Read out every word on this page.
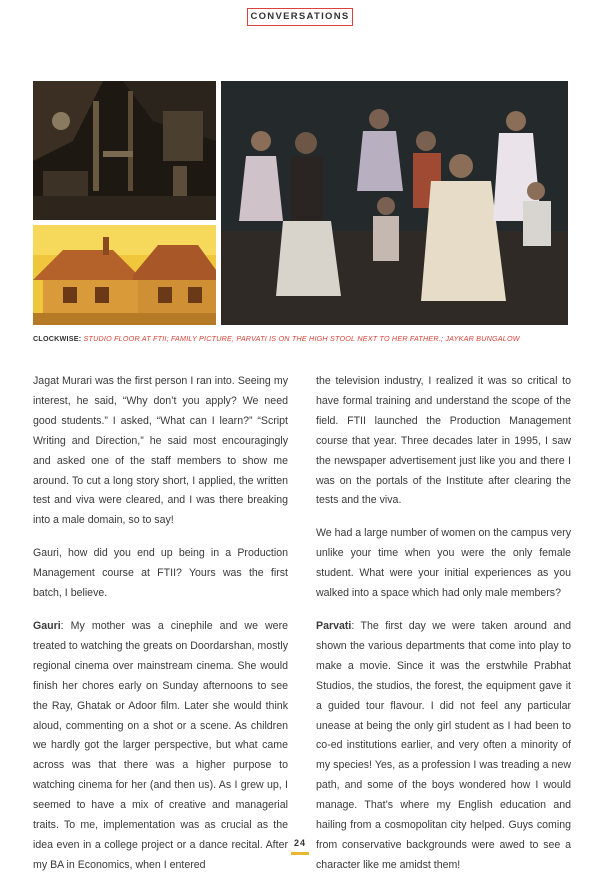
CONVERSATIONS
CLOCKWISE: STUDIO FLOOR AT FTII; FAMILY PICTURE, PARVATI IS ON THE HIGH STOOL NEXT TO HER FATHER.; JAYKAR BUNGALOW

Jagat Murari was the first person I ran into. Seeing my interest, he said, “Why don’t you apply? We need good students.” I asked, “What can I learn?” “Script Writing and Direction,” he said most encouragingly and asked one of the staff members to show me around. To cut a long story short, I applied, the written test and viva were cleared, and I was there breaking into a male domain, so to say!

Gauri, how did you end up being in a Production Management course at FTII? Yours was the first batch, I believe.

Gauri: My mother was a cinephile and we were treated to watching the greats on Doordarshan, mostly regional cinema over mainstream cinema. She would finish her chores early on Sunday afternoons to see the Ray, Ghatak or Adoor film. Later she would think aloud, commenting on a shot or a scene. As children we hardly got the larger perspective, but what came across was that there was a higher purpose to watching cinema for her (and then us). As I grew up, I seemed to have a mix of creative and managerial traits. To me, implementation was as crucial as the idea even in a college project or a dance recital. After my BA in Economics, when I entered

the television industry, I realized it was so critical to have formal training and understand the scope of the field. FTII launched the Production Management course that year. Three decades later in 1995, I saw the newspaper advertisement just like you and there I was on the portals of the Institute after clearing the tests and the viva.

We had a large number of women on the campus very unlike your time when you were the only female student. What were your initial experiences as you walked into a space which had only male members?

Parvati: The first day we were taken around and shown the various departments that come into play to make a movie. Since it was the erstwhile Prabhat Studios, the studios, the forest, the equipment gave it a guided tour flavour. I did not feel any particular unease at being the only girl student as I had been to co-ed institutions earlier, and very often a minority of my species! Yes, as a profession I was treading a new path, and some of the boys wondered how I would manage. That’s where my English education and hailing from a cosmopolitan city helped. Guys coming from conservative backgrounds were awed to see a character like me amidst them!

24
